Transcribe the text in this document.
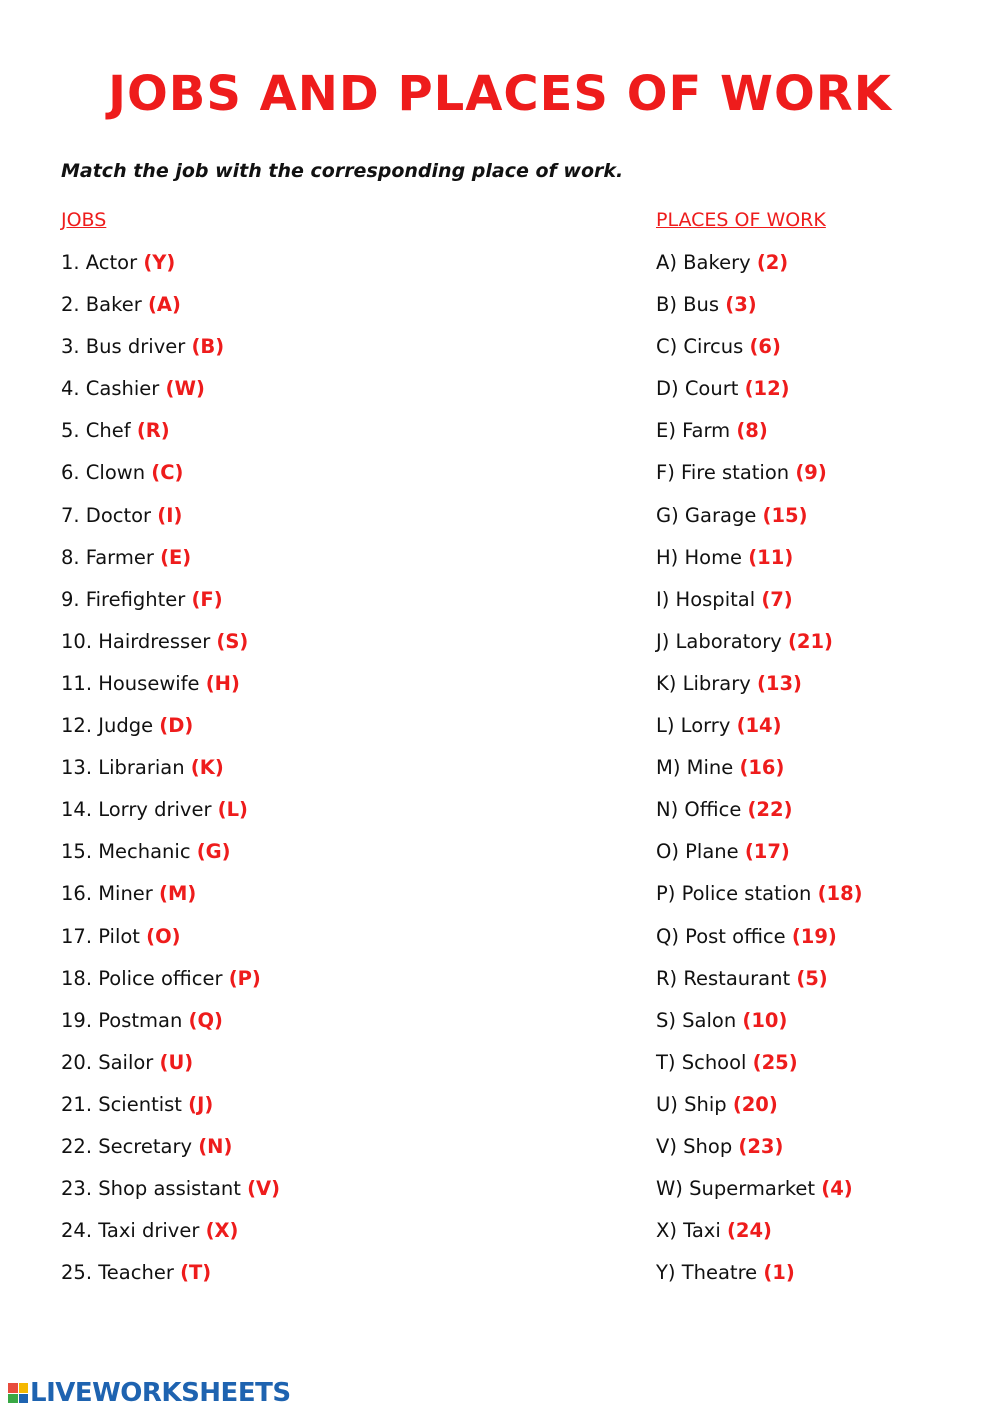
JOBS AND PLACES OF WORK
Match the job with the corresponding place of work.
JOBS	PLACES OF WORK
1. Actor (Y)
2. Baker (A)
3. Bus driver (B)
4. Cashier (W)
5. Chef (R)
6. Clown (C)
7. Doctor (I)
8. Farmer (E)
9. Firefighter (F)
10. Hairdresser (S)
11. Housewife (H)
12. Judge (D)
13. Librarian (K)
14. Lorry driver (L)
15. Mechanic (G)
16. Miner (M)
17. Pilot (O)
18. Police officer (P)
19. Postman (Q)
20. Sailor (U)
21. Scientist (J)
22. Secretary (N)
23. Shop assistant (V)
24. Taxi driver (X)
25. Teacher (T)
A) Bakery (2)
B) Bus (3)
C) Circus (6)
D) Court (12)
E) Farm (8)
F) Fire station (9)
G) Garage (15)
H) Home (11)
I) Hospital (7)
J) Laboratory (21)
K) Library (13)
L) Lorry (14)
M) Mine (16)
N) Office (22)
O) Plane (17)
P) Police station (18)
Q) Post office (19)
R) Restaurant (5)
S) Salon (10)
T) School (25)
U) Ship (20)
V) Shop (23)
W) Supermarket (4)
X) Taxi (24)
Y) Theatre (1)
LIVEWORKSHEETS
